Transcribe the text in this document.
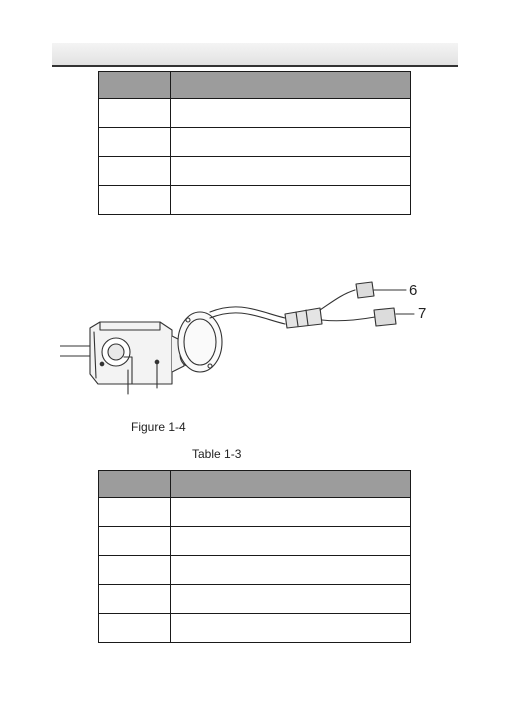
6
7
Figure 1-4
Table 1-3
